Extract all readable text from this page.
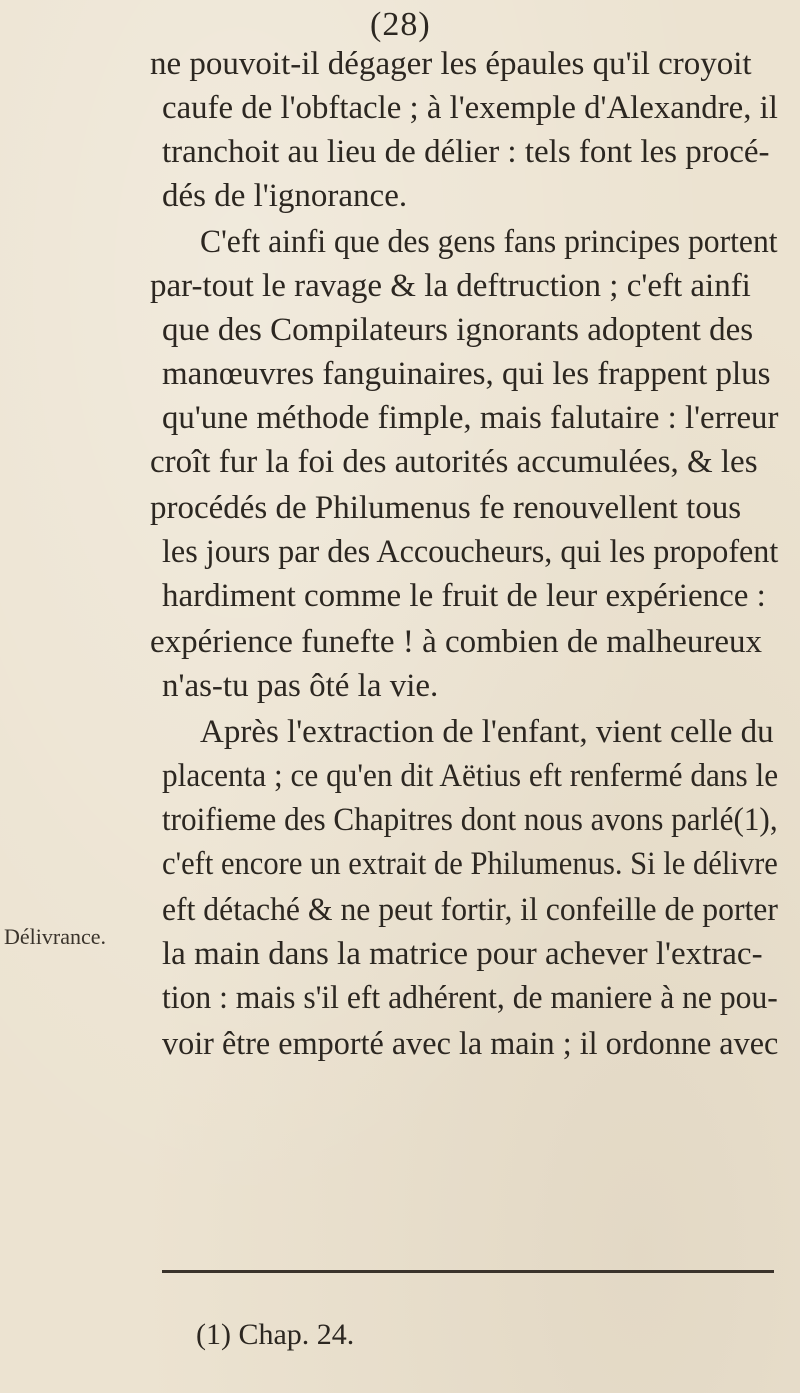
(28)
ne pouvoit-il dégager les épaules qu'il croyoit
caufe de l'obftacle ; à l'exemple d'Alexandre, il
tranchoit au lieu de délier : tels font les procé-
dés de l'ignorance.
C'eft ainfi que des gens fans principes portent
par-tout le ravage & la deftruction ; c'eft ainfi
que des Compilateurs ignorants adoptent des
manœuvres fanguinaires, qui les frappent plus
qu'une méthode fimple, mais falutaire : l'erreur
croît fur la foi des autorités accumulées, & les
procédés de Philumenus fe renouvellent tous
les jours par des Accoucheurs, qui les propofent
hardiment comme le fruit de leur expérience :
expérience funefte ! à combien de malheureux
n'as-tu pas ôté la vie.
Après l'extraction de l'enfant, vient celle du
placenta ; ce qu'en dit Aëtius eft renfermé dans le
troifieme des Chapitres dont nous avons parlé(1),
c'eft encore un extrait de Philumenus. Si le délivre
eft détaché & ne peut fortir, il confeille de porter
la main dans la matrice pour achever l'extrac-
tion : mais s'il eft adhérent, de maniere à ne pou-
voir être emporté avec la main ; il ordonne avec
Délivrance.
(1) Chap. 24.
